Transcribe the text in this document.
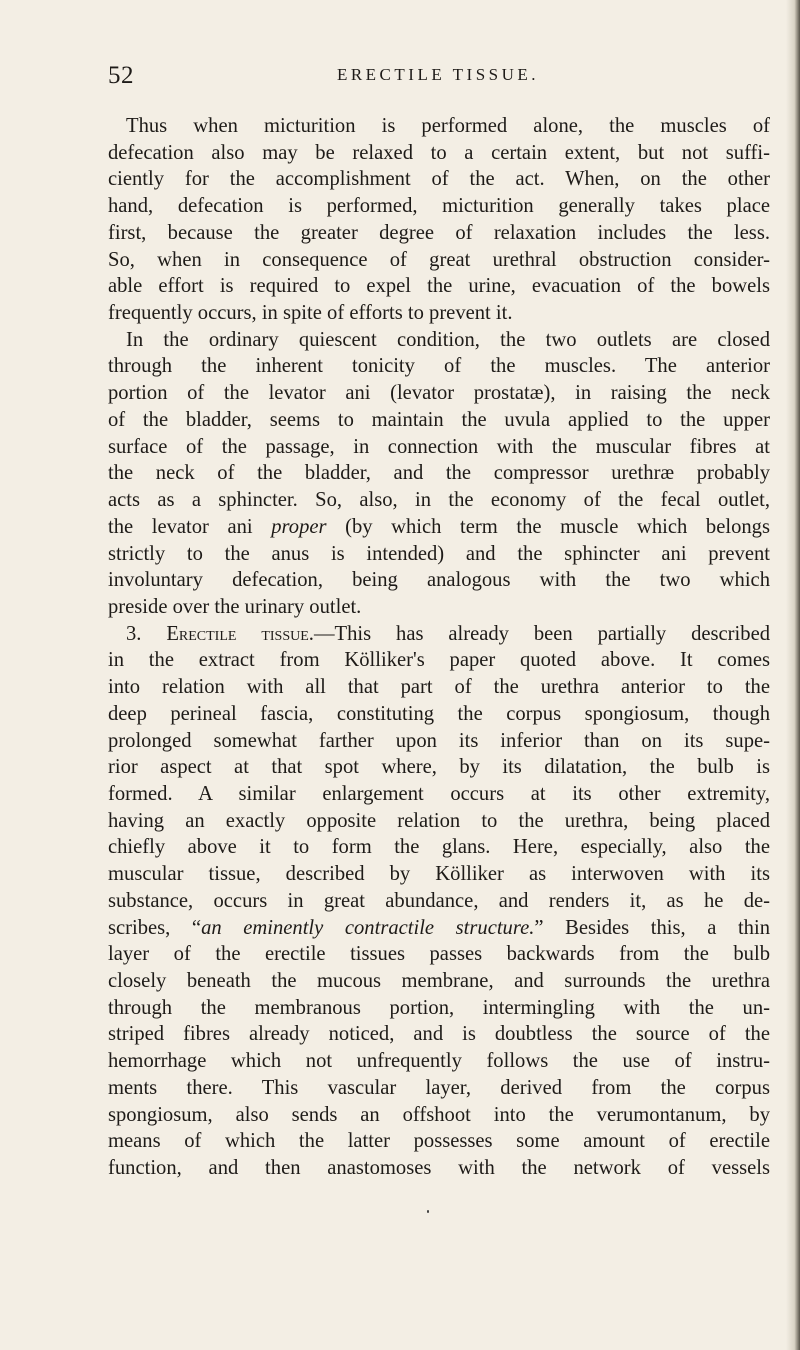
52	ERECTILE TISSUE.
Thus when micturition is performed alone, the muscles of
defecation also may be relaxed to a certain extent, but not suffi-
ciently for the accomplishment of the act. When, on the other
hand, defecation is performed, micturition generally takes place
first, because the greater degree of relaxation includes the less.
So, when in consequence of great urethral obstruction consider-
able effort is required to expel the urine, evacuation of the bowels
frequently occurs, in spite of efforts to prevent it.
In the ordinary quiescent condition, the two outlets are closed
through the inherent tonicity of the muscles. The anterior
portion of the levator ani (levator prostatæ), in raising the neck
of the bladder, seems to maintain the uvula applied to the upper
surface of the passage, in connection with the muscular fibres at
the neck of the bladder, and the compressor urethræ probably
acts as a sphincter. So, also, in the economy of the fecal outlet,
the levator ani proper (by which term the muscle which belongs
strictly to the anus is intended) and the sphincter ani prevent
involuntary defecation, being analogous with the two which
preside over the urinary outlet.
3. Erectile tissue.—This has already been partially described
in the extract from Kölliker's paper quoted above. It comes
into relation with all that part of the urethra anterior to the
deep perineal fascia, constituting the corpus spongiosum, though
prolonged somewhat farther upon its inferior than on its supe-
rior aspect at that spot where, by its dilatation, the bulb is
formed. A similar enlargement occurs at its other extremity,
having an exactly opposite relation to the urethra, being placed
chiefly above it to form the glans. Here, especially, also the
muscular tissue, described by Kölliker as interwoven with its
substance, occurs in great abundance, and renders it, as he de-
scribes, “an eminently contractile structure.” Besides this, a thin
layer of the erectile tissues passes backwards from the bulb
closely beneath the mucous membrane, and surrounds the urethra
through the membranous portion, intermingling with the un-
striped fibres already noticed, and is doubtless the source of the
hemorrhage which not unfrequently follows the use of instru-
ments there. This vascular layer, derived from the corpus
spongiosum, also sends an offshoot into the verumontanum, by
means of which the latter possesses some amount of erectile
function, and then anastomoses with the network of vessels
